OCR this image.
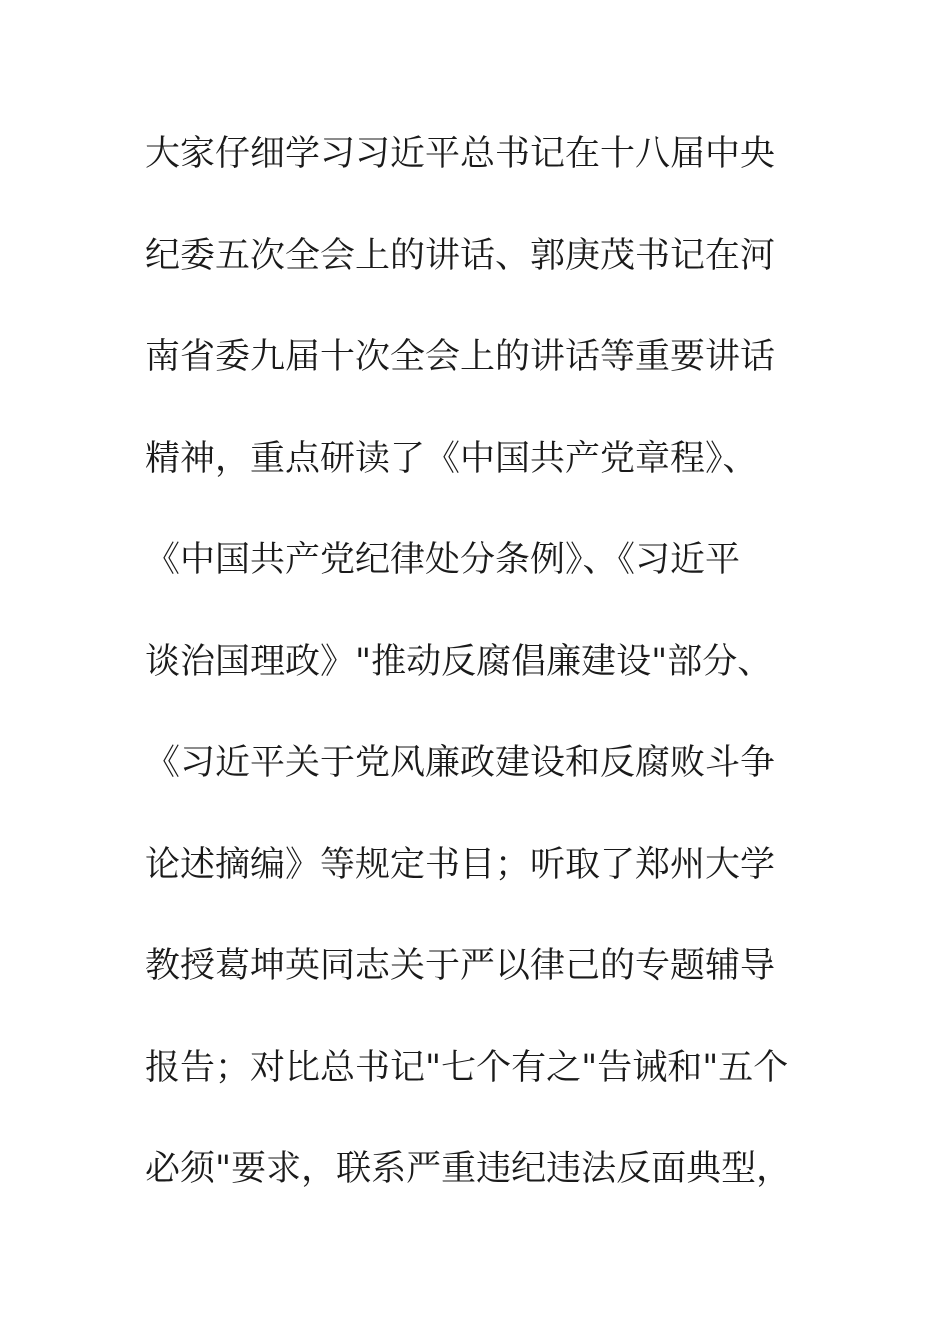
大家仔细学习习近平总书记在十八届中央
纪委五次全会上的讲话、郭庚茂书记在河
南省委九届十次全会上的讲话等重要讲话
精神，重点研读了《中国共产党章程》、
《中国共产党纪律处分条例》、《习近平
谈治国理政》"推动反腐倡廉建设"部分、
《习近平关于党风廉政建设和反腐败斗争
论述摘编》等规定书目；听取了郑州大学
教授葛坤英同志关于严以律己的专题辅导
报告；对比总书记"七个有之"告诫和"五个
必须"要求，联系严重违纪违法反面典型，
